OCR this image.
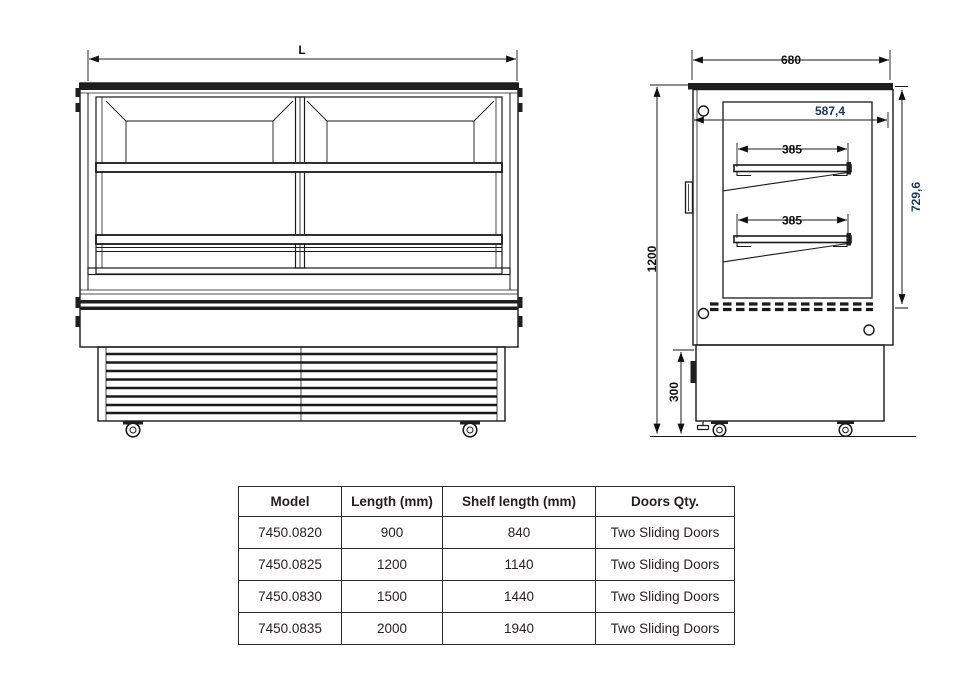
L
680
1200
587,4
385
385
729,6
300
Model	Length (mm)	Shelf length (mm)	Doors Qty.
7450.0820	900	840	Two Sliding Doors
7450.0825	1200	1140	Two Sliding Doors
7450.0830	1500	1440	Two Sliding Doors
7450.0835	2000	1940	Two Sliding Doors
